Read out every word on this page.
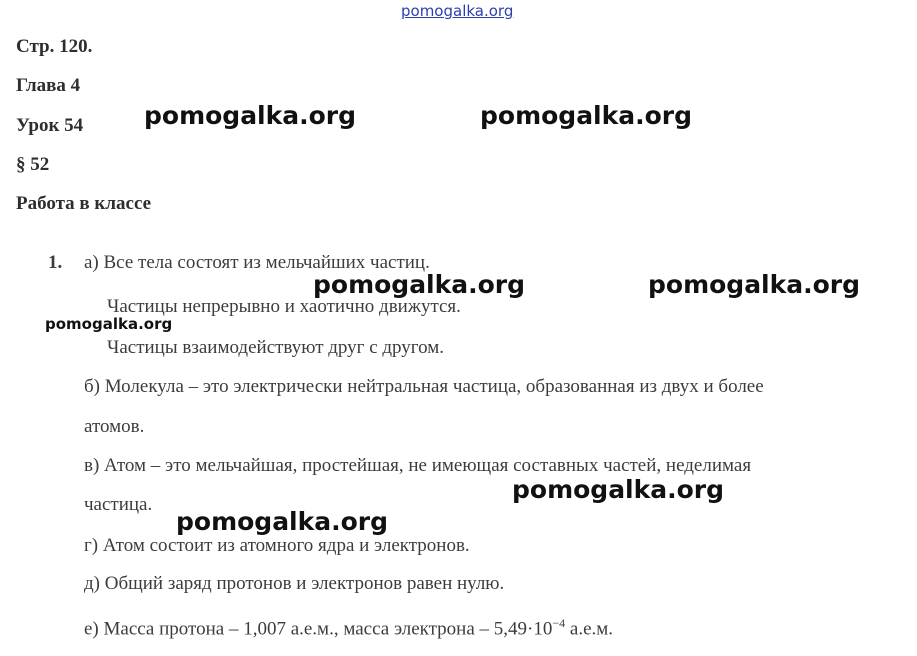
pomogalka.org
Стр. 120.
Глава 4
Урок 54
§ 52
Работа в классе
pomogalka.org	pomogalka.org
1. а) Все тела состоят из мельчайших частиц.
pomogalka.org	pomogalka.org
Частицы непрерывно и хаотично движутся.
pomogalka.org
Частицы взаимодействуют друг с другом.
б) Молекула – это электрически нейтральная частица, образованная из двух и более
атомов.
в) Атом – это мельчайшая, простейшая, не имеющая составных частей, неделимая
pomogalka.org
частица.
pomogalka.org
г) Атом состоит из атомного ядра и электронов.
д) Общий заряд протонов и электронов равен нулю.
е) Масса протона – 1,007 а.е.м., масса электрона – $5,49\cdot 10^{-4}$ а.е.м.
